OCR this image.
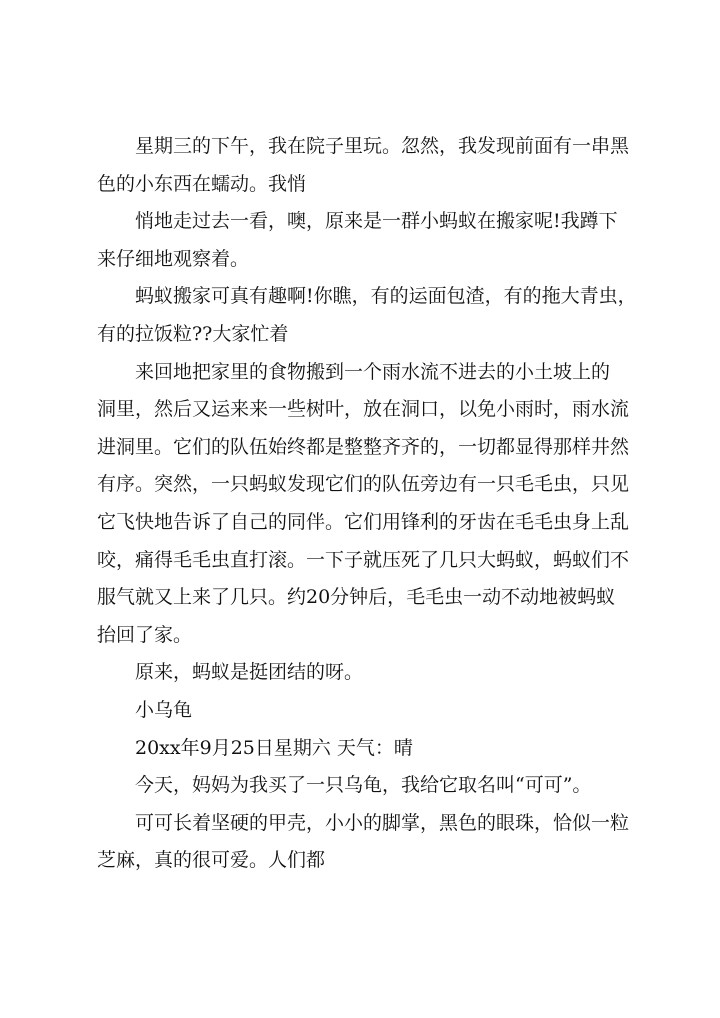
星期三的下午，我在院子里玩。忽然，我发现前面有一串黑
色的小东西在蠕动。我悄
悄地走过去一看，噢，原来是一群小蚂蚁在搬家呢!我蹲下
来仔细地观察着。
蚂蚁搬家可真有趣啊!你瞧，有的运面包渣，有的拖大青虫，
有的拉饭粒??大家忙着
来回地把家里的食物搬到一个雨水流不进去的小土坡上的
洞里，然后又运来来一些树叶，放在洞口，以免小雨时，雨水流
进洞里。它们的队伍始终都是整整齐齐的，一切都显得那样井然
有序。突然，一只蚂蚁发现它们的队伍旁边有一只毛毛虫，只见
它飞快地告诉了自己的同伴。它们用锋利的牙齿在毛毛虫身上乱
咬，痛得毛毛虫直打滚。一下子就压死了几只大蚂蚁，蚂蚁们不
服气就又上来了几只。约20分钟后，毛毛虫一动不动地被蚂蚁
抬回了家。
原来，蚂蚁是挺团结的呀。
小乌龟
20xx年9月25日星期六 天气：晴
今天，妈妈为我买了一只乌龟，我给它取名叫“可可”。
可可长着坚硬的甲壳，小小的脚掌，黑色的眼珠，恰似一粒
芝麻，真的很可爱。人们都
